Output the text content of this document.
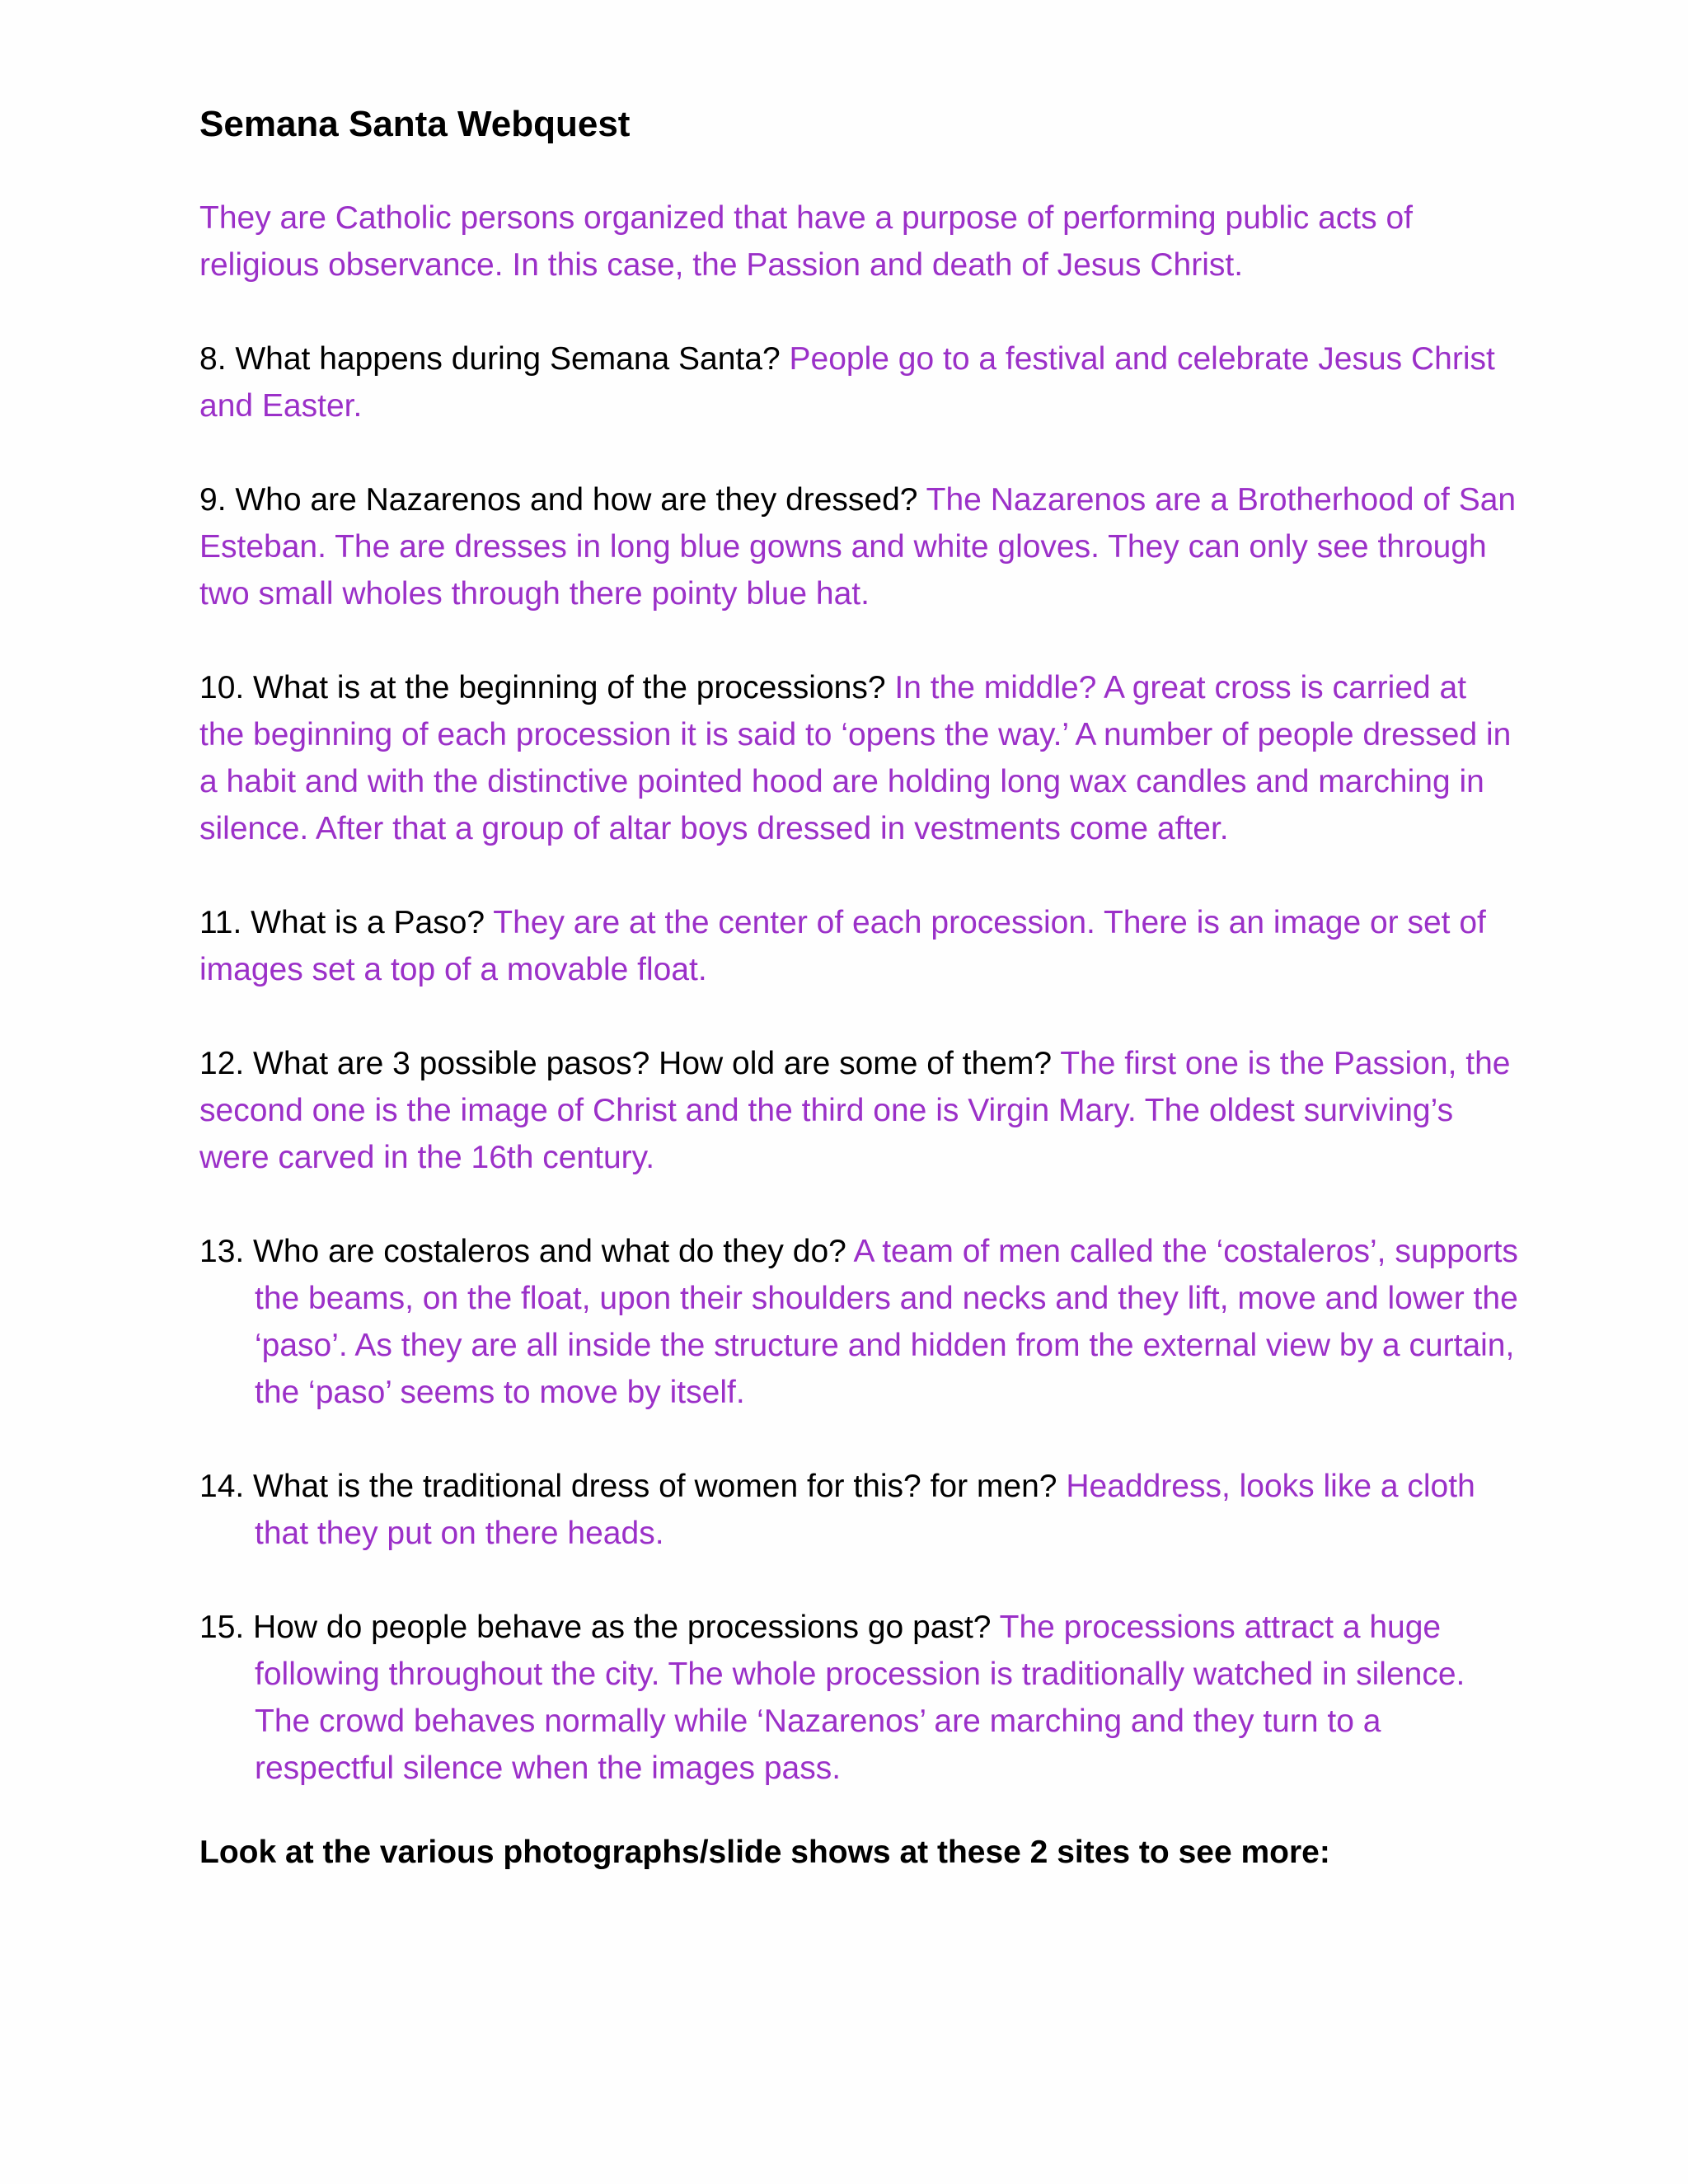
Semana Santa Webquest

They are Catholic persons organized that have a purpose of performing public acts of religious observance. In this case, the Passion and death of Jesus Christ.

8. What happens during Semana Santa? People go to a festival and celebrate Jesus Christ and Easter.

9. Who are Nazarenos and how are they dressed? The Nazarenos are a Brotherhood of San Esteban. The are dresses in long blue gowns and white gloves. They can only see through two small wholes through there pointy blue hat.

10. What is at the beginning of the processions? In the middle? A great cross is carried at the beginning of each procession it is said to ‘opens the way.’ A number of people dressed in a habit and with the distinctive pointed hood are holding long wax candles and marching in silence. After that a group of altar boys dressed in vestments come after.

11. What is a Paso? They are at the center of each procession. There is an image or set of images set a top of a movable float.

12. What are 3 possible pasos? How old are some of them? The first one is the Passion, the second one is the image of Christ and the third one is Virgin Mary. The oldest surviving’s were carved in the 16th century.

13. Who are costaleros and what do they do? A team of men called the ‘costaleros’, supports the beams, on the float, upon their shoulders and necks and they lift, move and lower the ‘paso’. As they are all inside the structure and hidden from the external view by a curtain, the ‘paso’ seems to move by itself.

14. What is the traditional dress of women for this? for men? Headdress, looks like a cloth that they put on there heads.

15. How do people behave as the processions go past? The processions attract a huge following throughout the city. The whole procession is traditionally watched in silence. The crowd behaves normally while ‘Nazarenos’ are marching and they turn to a respectful silence when the images pass.

Look at the various photographs/slide shows at these 2 sites to see more:
